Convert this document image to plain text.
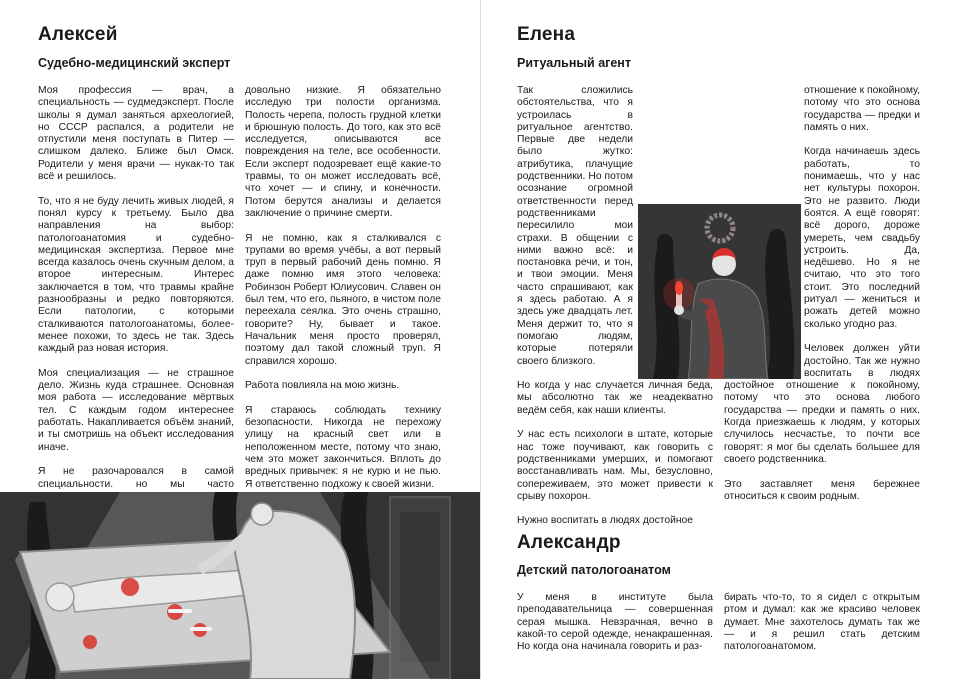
Алексей
Судебно-медицинский эксперт

Моя профессия — врач, а специальность — судмедэксперт. После школы я думал заняться археологией, но СССР распался, а родители не отпустили меня поступать в Питер — слишком далеко. Ближе был Омск. Родители у меня врачи — нукак-то так всё и решилось.

То, что я не буду лечить живых людей, я понял курсу к третьему. Было два направления на выбор: патологоанатомия и судебно-медицинская экспертиза. Первое мне всегда казалось очень скучным делом, а второе интересным. Интерес заключается в том, что травмы крайне разнообразны и редко повторяются. Если патологии, с которыми сталкиваются патологоанатомы, более-менее похожи, то здесь не так. Здесь каждый раз новая история.

Моя специализация — не страшное дело. Жизнь куда страшнее. Основная моя работа — исследование мёртвых тел. С каждым годом интереснее работать. Накапливается объём знаний, и ты смотришь на объект исследования иначе.

Я не разочаровался в самой специальности. но мы часто

довольно низкие. Я обязательно исследую три полости организма. Полость черепа, полость грудной клетки и брюшную полость. До того, как это всё исследуется, описываются все повреждения на теле, все особенности. Если эксперт подозревает ещё какие-то травмы, то он может исследовать всё, что хочет — и спину, и конечности. Потом берутся анализы и делается заключение о причине смерти.

Я не помню, как я сталкивался с трупами во время учёбы, а вот первый труп в первый рабочий день помню. Я даже помню имя этого человека: Робинзон Роберт Юлиусович. Славен он был тем, что его, пьяного, в чистом поле переехала сеялка. Это очень страшно, говорите? Ну, бывает и такое. Начальник меня просто проверял, поэтому дал такой сложный труп. Я справился хорошо.

Работа повлияла на мою жизнь.

Я стараюсь соблюдать технику безопасности. Никогда не перехожу улицу на красный свет или в неположенном месте, потому что знаю, чем это может закончиться. Вплоть до вредных привычек: я не курю и не пью. Я ответственно подхожу к своей жизни.

Елена
Ритуальный агент

Так сложились обстоятельства, что я устроилась в ритуальное агентство. Первые две недели было жутко: атрибутика, плачущие родственники. Но потом осознание огромной ответственности перед родственниками пересилило мои страхи. В общении с ними важно всё: и постановка речи, и тон, и твои эмоции. Меня часто спрашивают, как я здесь работаю. А я здесь уже двадцать лет. Меня держит то, что я помогаю людям, которые потеряли своего близкого.

Но когда у нас случается личная беда, мы абсолютно так же неадекватно ведём себя, как наши клиенты.

У нас есть психологи в штате, которые нас тоже поучивают, как говорить с родственниками умерших, и помогают восстанавливать нам. Мы, безусловно, сопереживаем, это может привести к срыву похорон.

Нужно воспитать в людях достойное

отношение к покойному, потому что это основа государства — предки и память о них.

Когда начинаешь здесь работать, то понимаешь, что у нас нет культуры похорон. Это не развито. Люди боятся. А ещё говорят: всё дорого, дороже умереть, чем свадьбу устроить. Да, недёшево. Но я не считаю, что это того стоит. Это последний ритуал — жениться и рожать детей можно сколько угодно раз.

Человек должен уйти достойно. Так же нужно воспитать в людях достойное отношение к покойному, потому что это основа любого государства — предки и память о них. Когда приезжаешь к людям, у которых случилось несчастье, то почти все говорят: я мог бы сделать большее для своего родственника.

Это заставляет меня бережнее относиться к своим родным.

Александр
Детский патологоанатом

У меня в институте была преподавательница — совершенная серая мышка. Невзрачная, вечно в какой-то серой одежде, ненакрашенная. Но когда она начинала говорить и раз-

бирать что-то, то я сидел с открытым ртом и думал: как же красиво человек думает. Мне захотелось думать так же — и я решил стать детским патологоанатомом.
